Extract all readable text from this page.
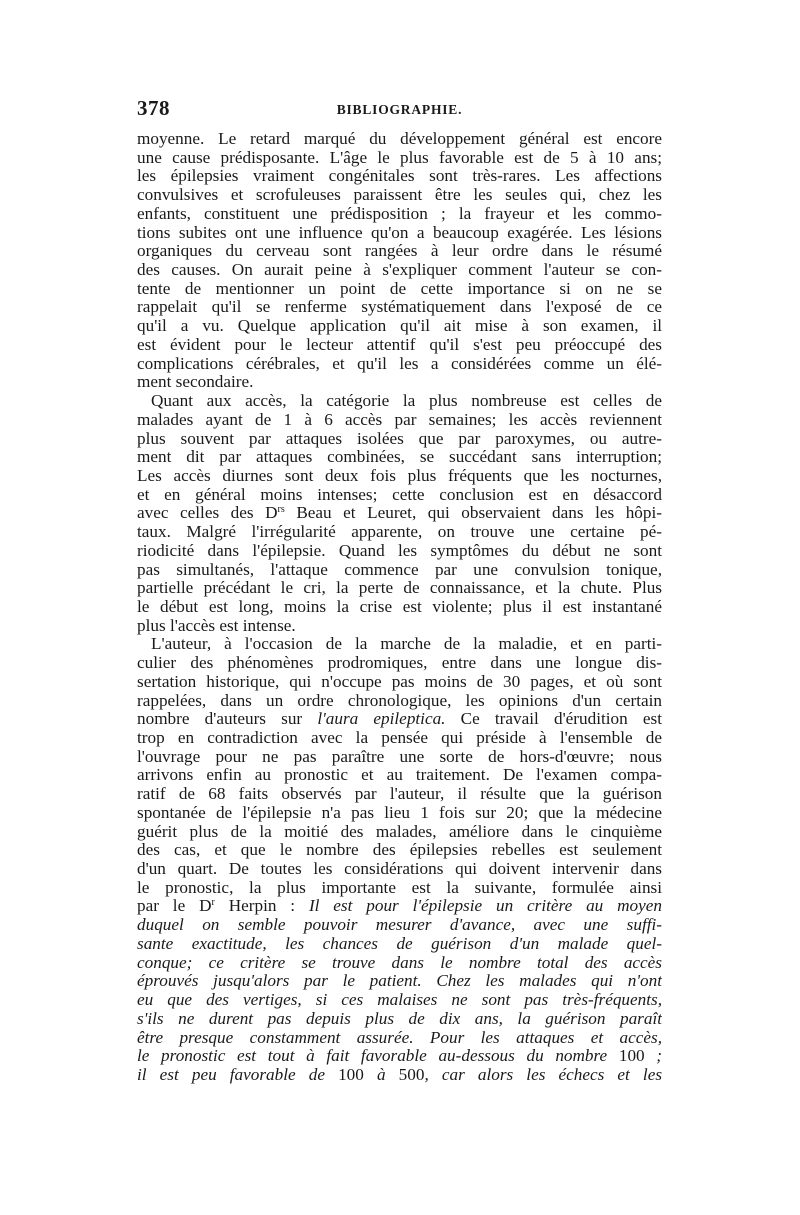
378	BIBLIOGRAPHIE.
moyenne. Le retard marqué du développement général est encore
une cause prédisposante. L'âge le plus favorable est de 5 à 10 ans;
les épilepsies vraiment congénitales sont très-rares. Les affections
convulsives et scrofuleuses paraissent être les seules qui, chez les
enfants, constituent une prédisposition ; la frayeur et les commo-
tions subites ont une influence qu'on a beaucoup exagérée. Les lésions
organiques du cerveau sont rangées à leur ordre dans le résumé
des causes. On aurait peine à s'expliquer comment l'auteur se con-
tente de mentionner un point de cette importance si on ne se
rappelait qu'il se renferme systématiquement dans l'exposé de ce
qu'il a vu. Quelque application qu'il ait mise à son examen, il
est évident pour le lecteur attentif qu'il s'est peu préoccupé des
complications cérébrales, et qu'il les a considérées comme un élé-
ment secondaire.
Quant aux accès, la catégorie la plus nombreuse est celles de
malades ayant de 1 à 6 accès par semaines; les accès reviennent
plus souvent par attaques isolées que par paroxymes, ou autre-
ment dit par attaques combinées, se succédant sans interruption;
Les accès diurnes sont deux fois plus fréquents que les nocturnes,
et en général moins intenses; cette conclusion est en désaccord
avec celles des $D^{rs}$ Beau et Leuret, qui observaient dans les hôpi-
taux. Malgré l'irrégularité apparente, on trouve une certaine pé-
riodicité dans l'épilepsie. Quand les symptômes du début ne sont
pas simultanés, l'attaque commence par une convulsion tonique,
partielle précédant le cri, la perte de connaissance, et la chute. Plus
le début est long, moins la crise est violente; plus il est instantané
plus l'accès est intense.
L'auteur, à l'occasion de la marche de la maladie, et en parti-
culier des phénomènes prodromiques, entre dans une longue dis-
sertation historique, qui n'occupe pas moins de 30 pages, et où sont
rappelées, dans un ordre chronologique, les opinions d'un certain
nombre d'auteurs sur l'aura epileptica. Ce travail d'érudition est
trop en contradiction avec la pensée qui préside à l'ensemble de
l'ouvrage pour ne pas paraître une sorte de hors-d'œuvre; nous
arrivons enfin au pronostic et au traitement. De l'examen compa-
ratif de 68 faits observés par l'auteur, il résulte que la guérison
spontanée de l'épilepsie n'a pas lieu 1 fois sur 20; que la médecine
guérit plus de la moitié des malades, améliore dans le cinquième
des cas, et que le nombre des épilepsies rebelles est seulement
d'un quart. De toutes les considérations qui doivent intervenir dans
le pronostic, la plus importante est la suivante, formulée ainsi
par le $D^r$ Herpin : Il est pour l'épilepsie un critère au moyen
duquel on semble pouvoir mesurer d'avance, avec une suffi-
sante exactitude, les chances de guérison d'un malade quel-
conque; ce critère se trouve dans le nombre total des accès
éprouvés jusqu'alors par le patient. Chez les malades qui n'ont
eu que des vertiges, si ces malaises ne sont pas très-fréquents,
s'ils ne durent pas depuis plus de dix ans, la guérison paraît
être presque constamment assurée. Pour les attaques et accès,
le pronostic est tout à fait favorable au-dessous du nombre 100 ;
il est peu favorable de 100 à 500, car alors les échecs et les
